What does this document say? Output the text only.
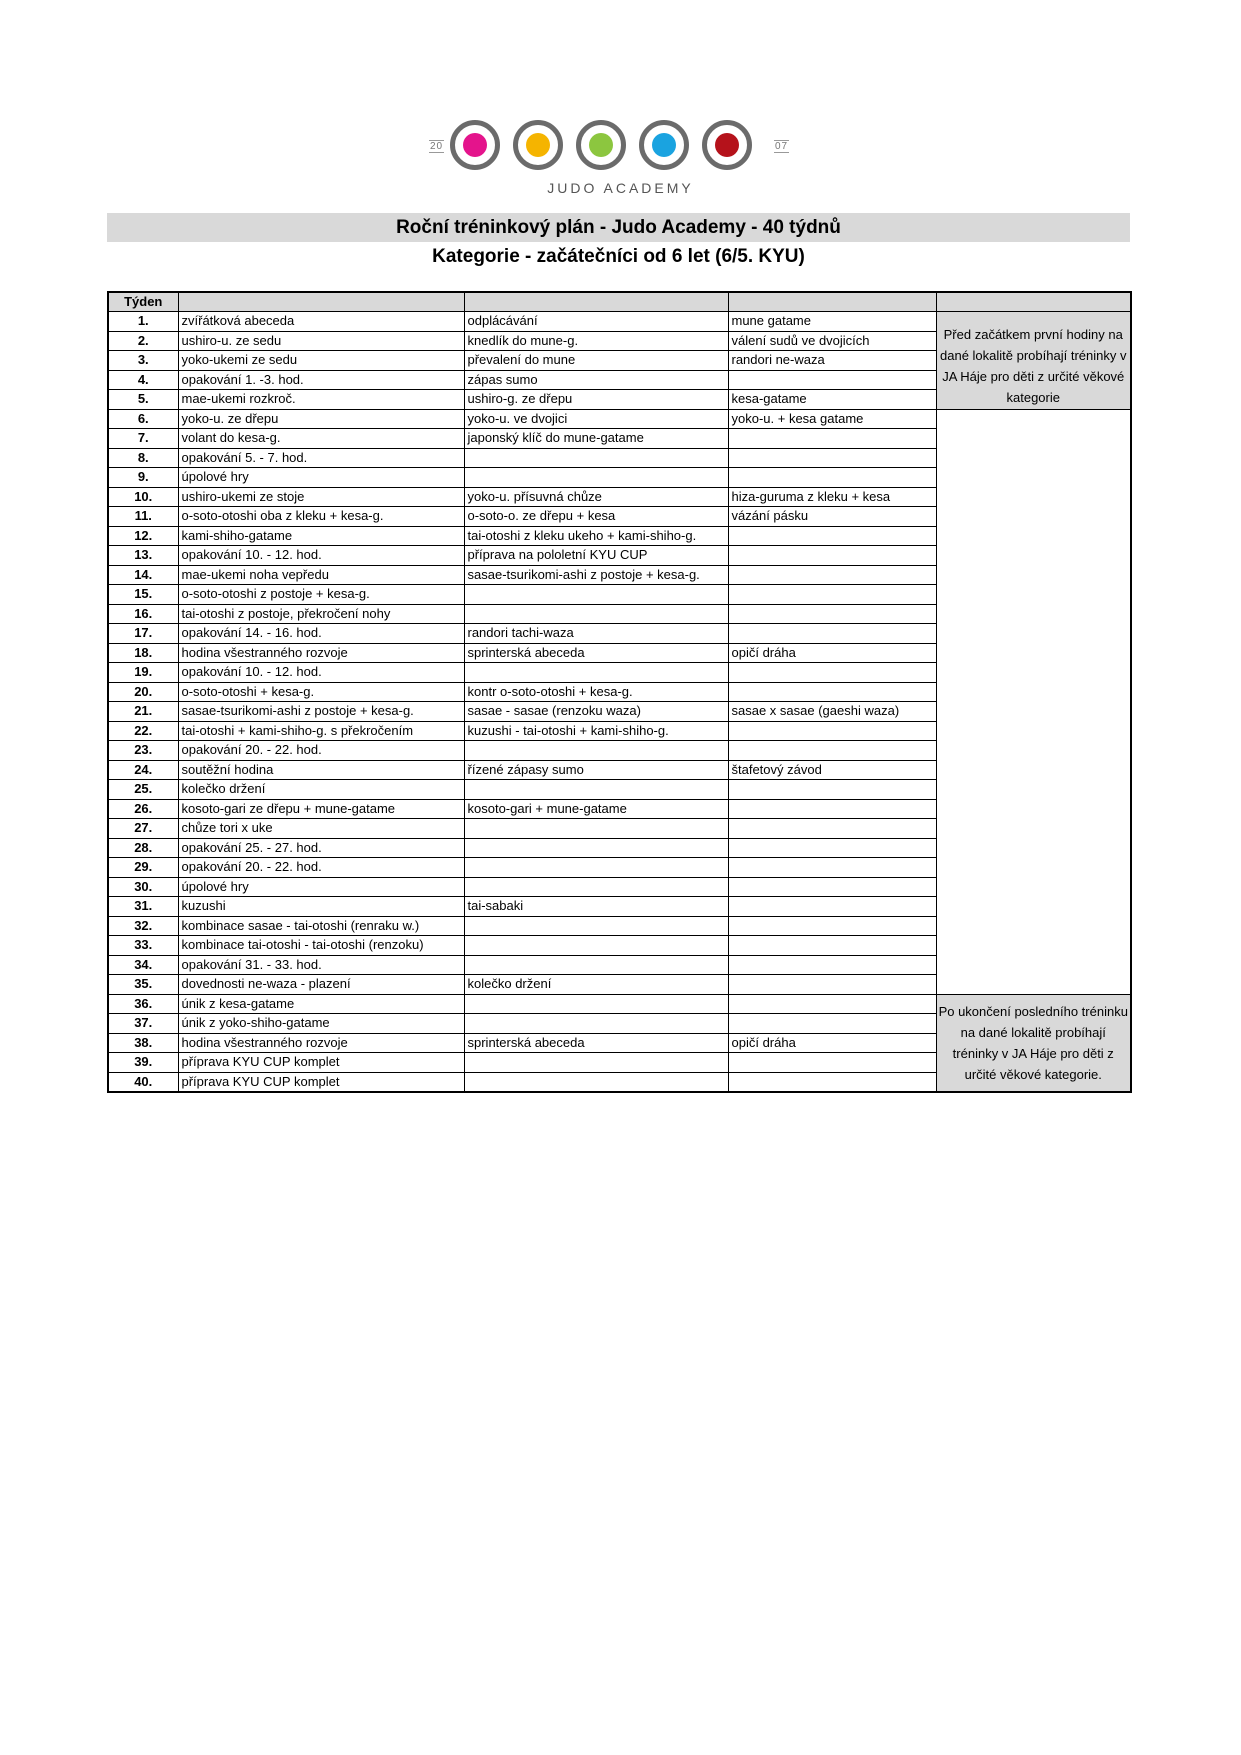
20	07
JUDO ACADEMY
Roční tréninkový plán - Judo Academy - 40 týdnů
Kategorie - začátečníci od 6 let (6/5. KYU)
Týden				
1.	zvířátková abeceda	odplácávání	mune gatame	Před začátkem první hodiny na dané lokalitě probíhají tréninky v JA Háje pro děti z určité věkové kategorie
2.	ushiro-u. ze sedu	knedlík do mune-g.	válení sudů ve dvojicích	
3.	yoko-ukemi ze sedu	převalení do mune	randori ne-waza	
4.	opakování 1. -3. hod.	zápas sumo		
5.	mae-ukemi rozkroč.	ushiro-g. ze dřepu	kesa-gatame	
6.	yoko-u. ze dřepu	yoko-u. ve dvojici	yoko-u. + kesa gatame	
7.	volant do kesa-g.	japonský klíč do mune-gatame		
8.	opakování 5. - 7. hod.			
9.	úpolové hry			
10.	ushiro-ukemi ze stoje	yoko-u. přísuvná chůze	hiza-guruma z kleku + kesa	
11.	o-soto-otoshi oba z kleku + kesa-g.	o-soto-o. ze dřepu + kesa	vázání pásku	
12.	kami-shiho-gatame	tai-otoshi z kleku ukeho + kami-shiho-g.		
13.	opakování 10. - 12. hod.	příprava na pololetní KYU CUP		
14.	mae-ukemi noha vepředu	sasae-tsurikomi-ashi z postoje + kesa-g.		
15.	o-soto-otoshi z postoje + kesa-g.			
16.	tai-otoshi z postoje, překročení nohy			
17.	opakování 14. - 16. hod.	randori tachi-waza		
18.	hodina všestranného rozvoje	sprinterská abeceda	opičí dráha	
19.	opakování 10. - 12. hod.			
20.	o-soto-otoshi + kesa-g.	kontr o-soto-otoshi + kesa-g.		
21.	sasae-tsurikomi-ashi z postoje + kesa-g.	sasae - sasae (renzoku waza)	sasae x sasae (gaeshi waza)	
22.	tai-otoshi + kami-shiho-g. s překročením	kuzushi - tai-otoshi + kami-shiho-g.		
23.	opakování 20. - 22. hod.			
24.	soutěžní hodina	řízené zápasy sumo	štafetový závod	
25.	kolečko držení			
26.	kosoto-gari ze dřepu + mune-gatame	kosoto-gari + mune-gatame		
27.	chůze tori x uke			
28.	opakování 25. - 27. hod.			
29.	opakování 20. - 22. hod.			
30.	úpolové hry			
31.	kuzushi	tai-sabaki		
32.	kombinace sasae - tai-otoshi (renraku w.)			
33.	kombinace tai-otoshi - tai-otoshi (renzoku)			
34.	opakování 31. - 33. hod.			
35.	dovednosti ne-waza - plazení	kolečko držení		
36.	únik z kesa-gatame			Po ukončení posledního tréninku na dané lokalitě probíhají tréninky v JA Háje pro děti z určité věkové kategorie.
37.	únik z yoko-shiho-gatame			
38.	hodina všestranného rozvoje	sprinterská abeceda	opičí dráha	
39.	příprava KYU CUP komplet			
40.	příprava KYU CUP komplet			
